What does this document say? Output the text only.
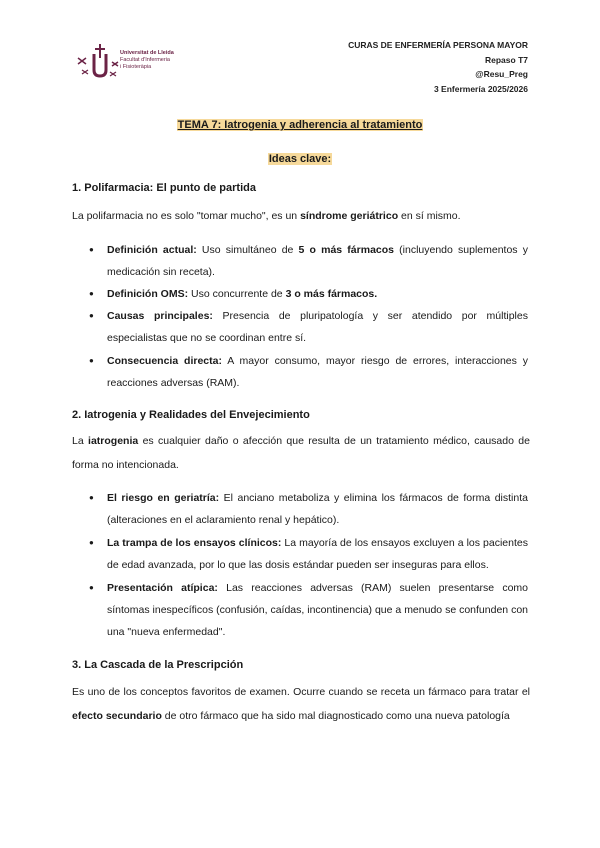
Universitat de Lleida
Facultat d'Infermeria
i Fisioteràpia
CURAS DE ENFERMERÍA PERSONA MAYOR
Repaso T7
@Resu_Preg
3 Enfermería 2025/2026
TEMA 7: Iatrogenia y adherencia al tratamiento
Ideas clave:
1. Polifarmacia: El punto de partida
La polifarmacia no es solo "tomar mucho", es un síndrome geriátrico en sí mismo.
● Definición actual: Uso simultáneo de 5 o más fármacos (incluyendo suplementos y medicación sin receta).
● Definición OMS: Uso concurrente de 3 o más fármacos.
● Causas principales: Presencia de pluripatología y ser atendido por múltiples especialistas que no se coordinan entre sí.
● Consecuencia directa: A mayor consumo, mayor riesgo de errores, interacciones y reacciones adversas (RAM).
2. Iatrogenia y Realidades del Envejecimiento
La iatrogenia es cualquier daño o afección que resulta de un tratamiento médico, causado de forma no intencionada.
● El riesgo en geriatría: El anciano metaboliza y elimina los fármacos de forma distinta (alteraciones en el aclaramiento renal y hepático).
● La trampa de los ensayos clínicos: La mayoría de los ensayos excluyen a los pacientes de edad avanzada, por lo que las dosis estándar pueden ser inseguras para ellos.
● Presentación atípica: Las reacciones adversas (RAM) suelen presentarse como síntomas inespecíficos (confusión, caídas, incontinencia) que a menudo se confunden con una "nueva enfermedad".
3. La Cascada de la Prescripción
Es uno de los conceptos favoritos de examen. Ocurre cuando se receta un fármaco para tratar el efecto secundario de otro fármaco que ha sido mal diagnosticado como una nueva patología
